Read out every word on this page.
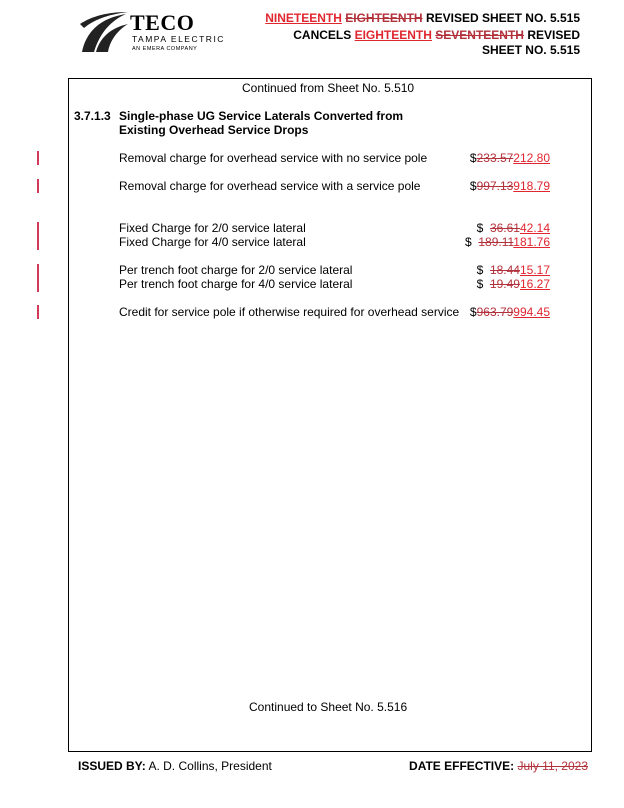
TECO
TAMPA ELECTRIC
AN EMERA COMPANY
NINETEENTH EIGHTEENTH REVISED SHEET NO. 5.515
CANCELS EIGHTEENTH SEVENTEENTH REVISED
SHEET NO. 5.515
Continued from Sheet No. 5.510
3.7.1.3 Single-phase UG Service Laterals Converted from
Existing Overhead Service Drops
Removal charge for overhead service with no service pole	$233.57212.80
Removal charge for overhead service with a service pole	$997.13918.79
Fixed Charge for 2/0 service lateral	$ 36.6142.14
Fixed Charge for 4/0 service lateral	$ 189.11181.76
Per trench foot charge for 2/0 service lateral	$ 18.4415.17
Per trench foot charge for 4/0 service lateral	$ 19.4916.27
Credit for service pole if otherwise required for overhead service $963.79994.45
Continued to Sheet No. 5.516
ISSUED BY: A. D. Collins, President	DATE EFFECTIVE: July 11, 2023
